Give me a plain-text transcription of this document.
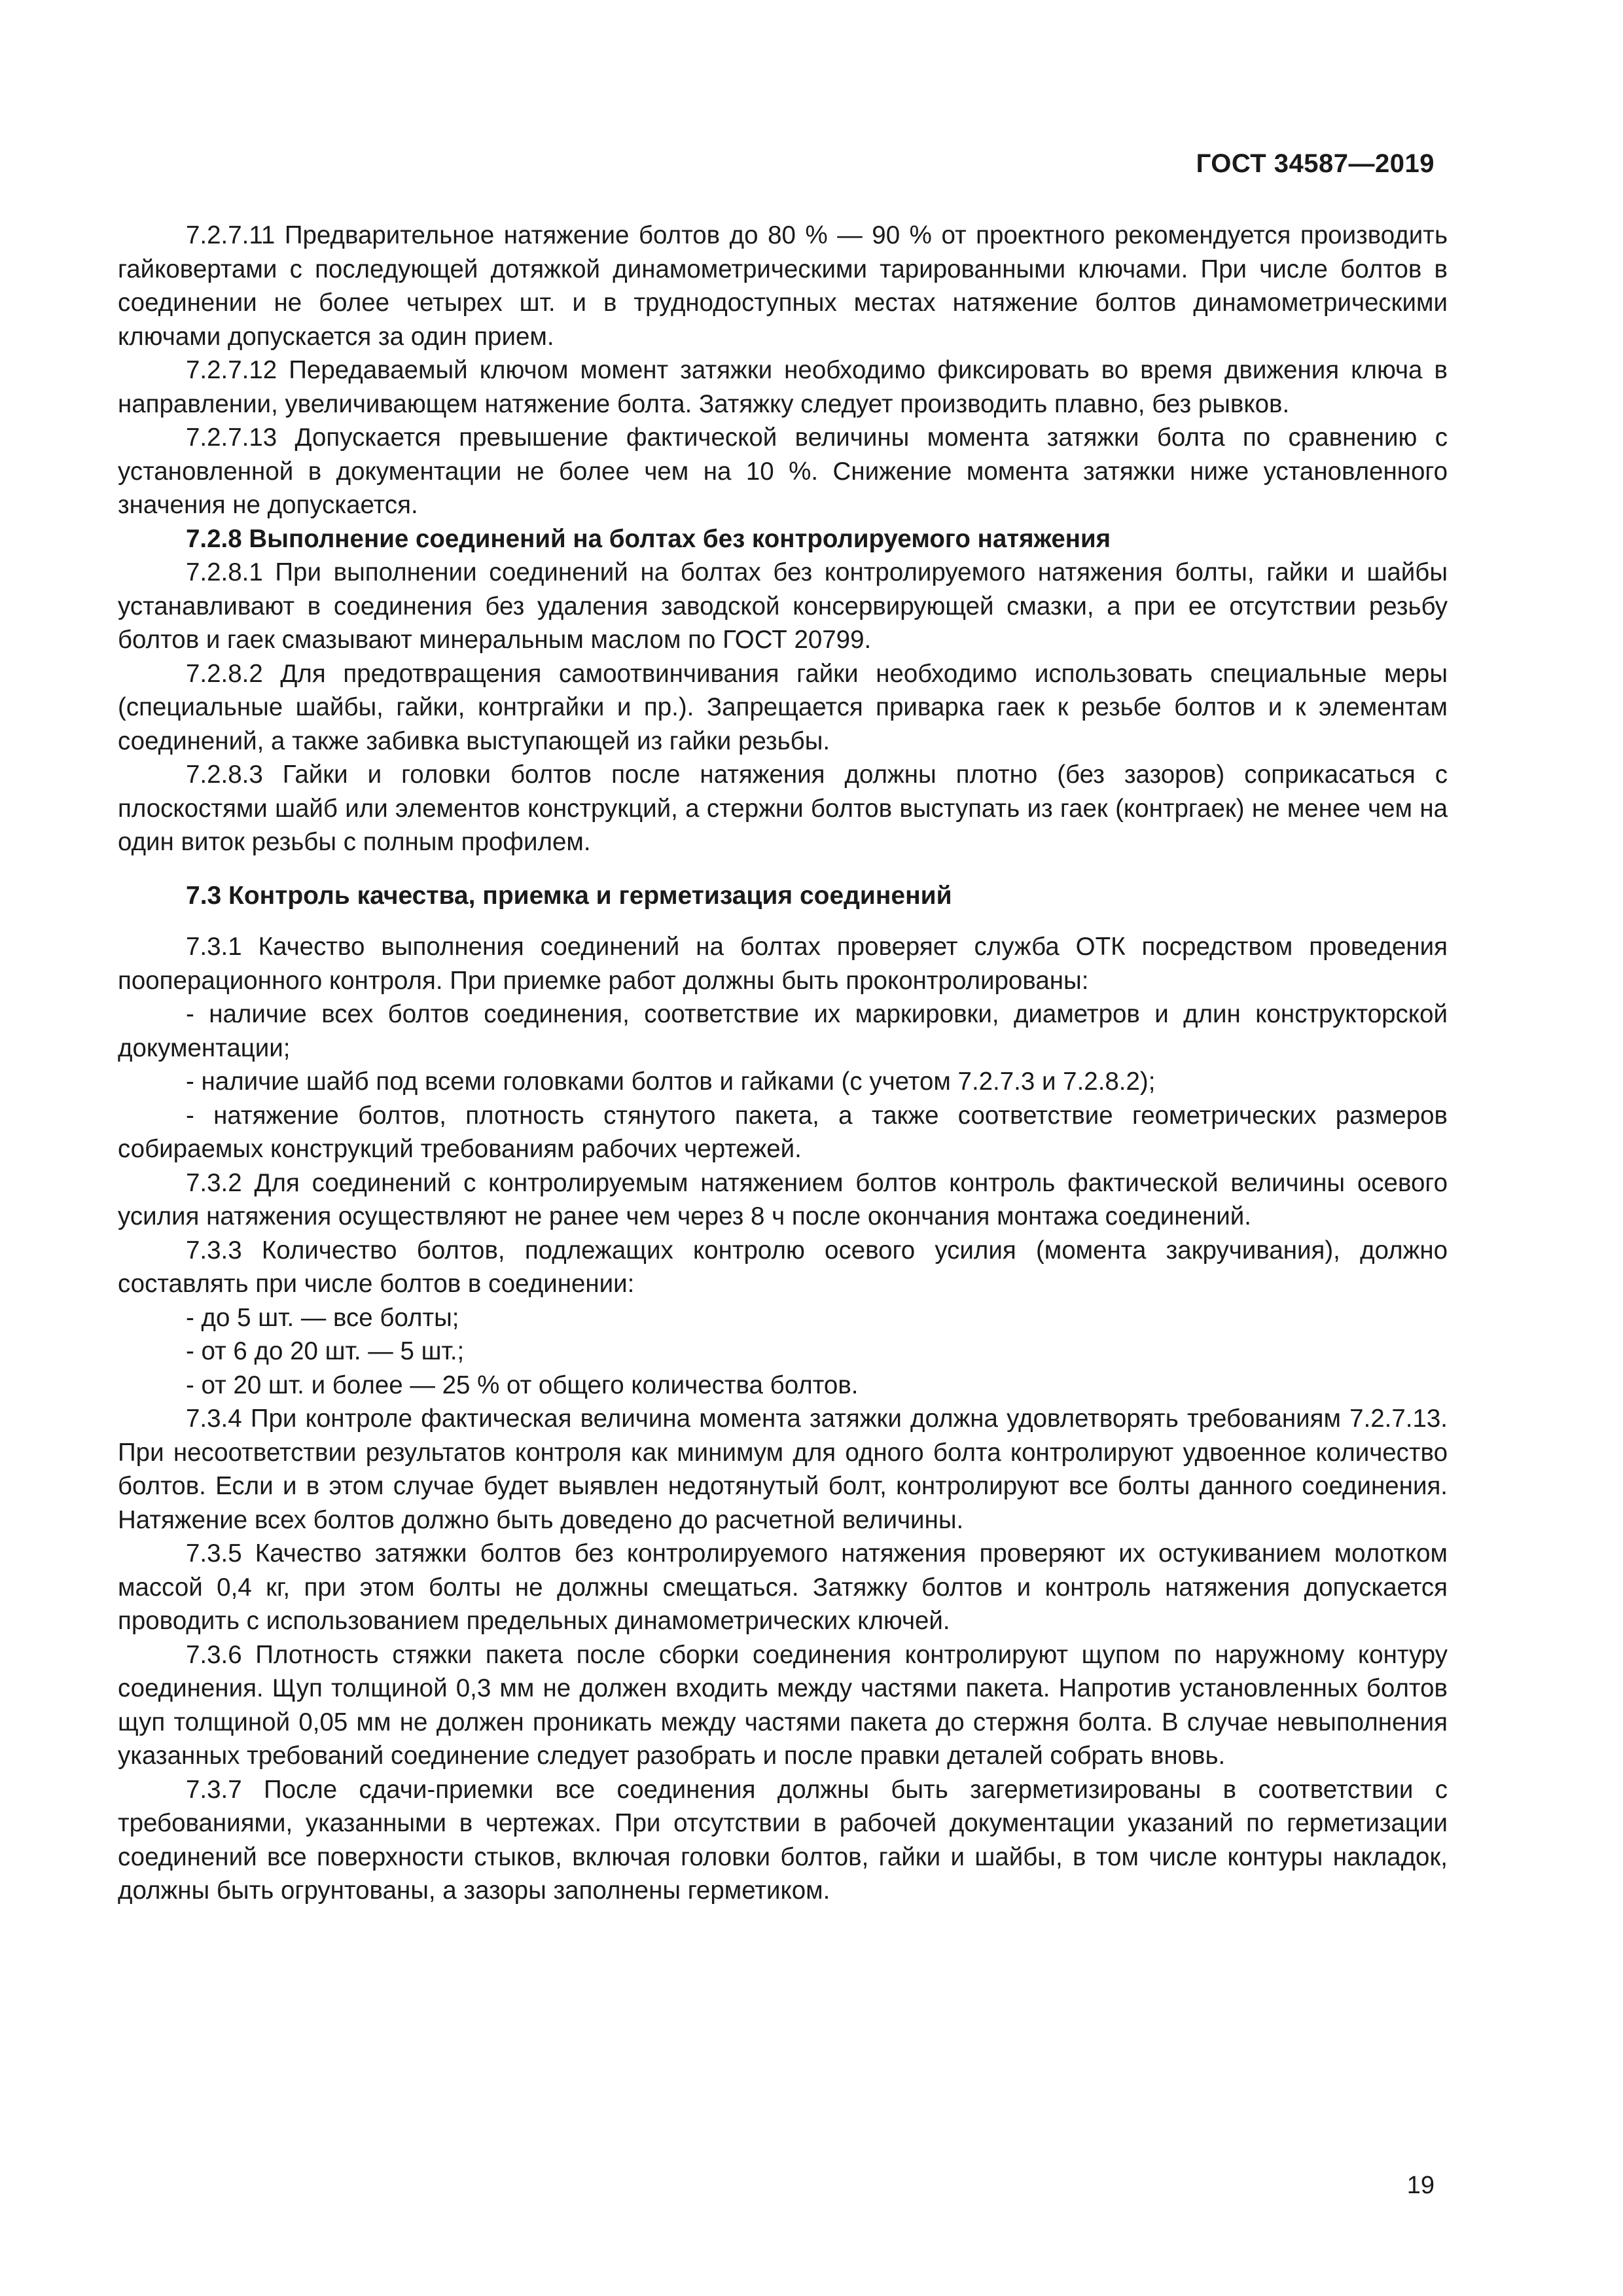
ГОСТ 34587—2019

7.2.7.11 Предварительное натяжение болтов до 80 % — 90 % от проектного рекомендуется производить гайковертами с последующей дотяжкой динамометрическими тарированными ключами. При числе болтов в соединении не более четырех шт. и в труднодоступных местах натяжение болтов динамометрическими ключами допускается за один прием.

7.2.7.12 Передаваемый ключом момент затяжки необходимо фиксировать во время движения ключа в направлении, увеличивающем натяжение болта. Затяжку следует производить плавно, без рывков.

7.2.7.13 Допускается превышение фактической величины момента затяжки болта по сравнению с установленной в документации не более чем на 10 %. Снижение момента затяжки ниже установленного значения не допускается.

7.2.8 Выполнение соединений на болтах без контролируемого натяжения

7.2.8.1 При выполнении соединений на болтах без контролируемого натяжения болты, гайки и шайбы устанавливают в соединения без удаления заводской консервирующей смазки, а при ее отсутствии резьбу болтов и гаек смазывают минеральным маслом по ГОСТ 20799.

7.2.8.2 Для предотвращения самоотвинчивания гайки необходимо использовать специальные меры (специальные шайбы, гайки, контргайки и пр.). Запрещается приварка гаек к резьбе болтов и к элементам соединений, а также забивка выступающей из гайки резьбы.

7.2.8.3 Гайки и головки болтов после натяжения должны плотно (без зазоров) соприкасаться с плоскостями шайб или элементов конструкций, а стержни болтов выступать из гаек (контргаек) не менее чем на один виток резьбы с полным профилем.

7.3 Контроль качества, приемка и герметизация соединений

7.3.1 Качество выполнения соединений на болтах проверяет служба ОТК посредством проведения пооперационного контроля. При приемке работ должны быть проконтролированы:

- наличие всех болтов соединения, соответствие их маркировки, диаметров и длин конструкторской документации;

- наличие шайб под всеми головками болтов и гайками (с учетом 7.2.7.3 и 7.2.8.2);

- натяжение болтов, плотность стянутого пакета, а также соответствие геометрических размеров собираемых конструкций требованиям рабочих чертежей.

7.3.2 Для соединений с контролируемым натяжением болтов контроль фактической величины осевого усилия натяжения осуществляют не ранее чем через 8 ч после окончания монтажа соединений.

7.3.3 Количество болтов, подлежащих контролю осевого усилия (момента закручивания), должно составлять при числе болтов в соединении:

- до 5 шт. — все болты;

- от 6 до 20 шт. — 5 шт.;

- от 20 шт. и более — 25 % от общего количества болтов.

7.3.4 При контроле фактическая величина момента затяжки должна удовлетворять требованиям 7.2.7.13. При несоответствии результатов контроля как минимум для одного болта контролируют удвоенное количество болтов. Если и в этом случае будет выявлен недотянутый болт, контролируют все болты данного соединения. Натяжение всех болтов должно быть доведено до расчетной величины.

7.3.5 Качество затяжки болтов без контролируемого натяжения проверяют их остукиванием молотком массой 0,4 кг, при этом болты не должны смещаться. Затяжку болтов и контроль натяжения допускается проводить с использованием предельных динамометрических ключей.

7.3.6 Плотность стяжки пакета после сборки соединения контролируют щупом по наружному контуру соединения. Щуп толщиной 0,3 мм не должен входить между частями пакета. Напротив установленных болтов щуп толщиной 0,05 мм не должен проникать между частями пакета до стержня болта. В случае невыполнения указанных требований соединение следует разобрать и после правки деталей собрать вновь.

7.3.7 После сдачи-приемки все соединения должны быть загерметизированы в соответствии с требованиями, указанными в чертежах. При отсутствии в рабочей документации указаний по герметизации соединений все поверхности стыков, включая головки болтов, гайки и шайбы, в том числе контуры накладок, должны быть огрунтованы, а зазоры заполнены герметиком.

19
